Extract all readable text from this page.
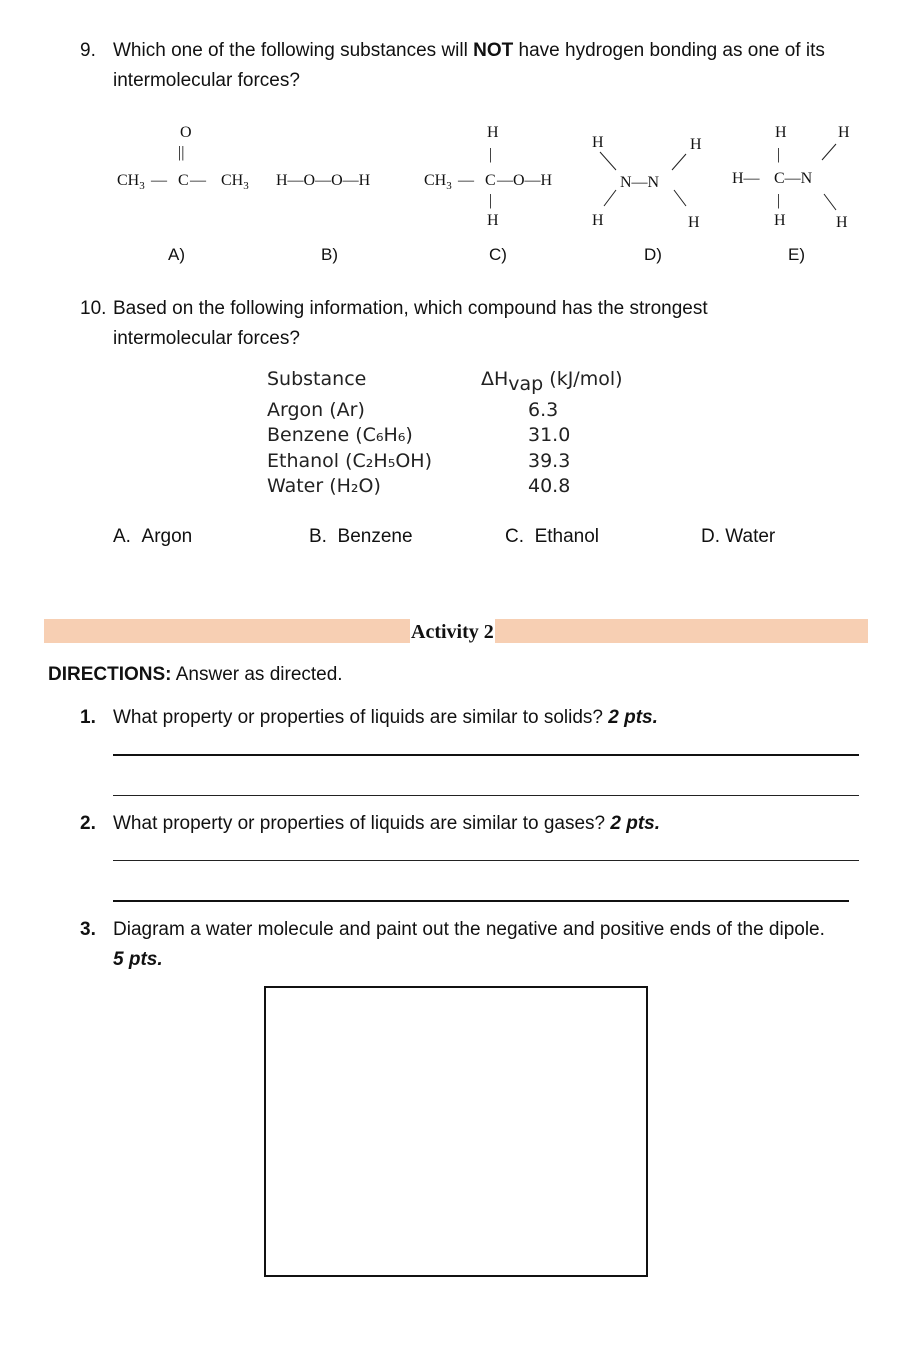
9. Which one of the following substances will NOT have hydrogen bonding as one of its intermolecular forces?
O
||
$CH_3$ — C — $CH_3$
A)
H—O—O—H
B)
H
|
$CH_3$ — C —O—H
|
H
C)
H	H
N—N
H	H
D)
H	H
|
H— C—N
|
H	H
E)
10. Based on the following information, which compound has the strongest intermolecular forces?
Substance	$\Delta H_{vap}$ (kJ/mol)
Argon (Ar)	6.3
Benzene (C₆H₆)	31.0
Ethanol (C₂H₅OH)	39.3
Water (H₂O)	40.8
A. Argon	B. Benzene	C. Ethanol	D. Water
Activity 2
DIRECTIONS: Answer as directed.
1. What property or properties of liquids are similar to solids? 2 pts.
2. What property or properties of liquids are similar to gases? 2 pts.
3. Diagram a water molecule and paint out the negative and positive ends of the dipole. 5 pts.
